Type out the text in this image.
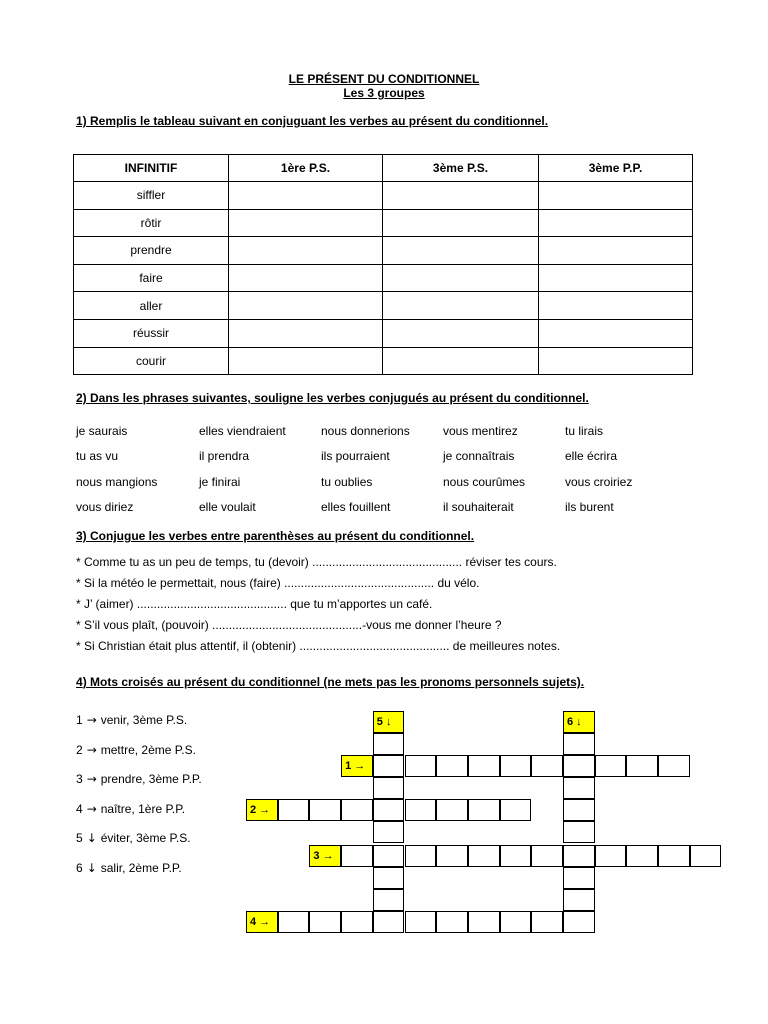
LE PRÉSENT DU CONDITIONNEL
Les 3 groupes
1) Remplis le tableau suivant en conjuguant les verbes au présent du conditionnel.
INFINITIF	1ère P.S.	3ème P.S.	3ème P.P.
siffler			
rôtir			
prendre			
faire			
aller			
réussir			
courir			
2) Dans les phrases suivantes, souligne les verbes conjugués au présent du conditionnel.
je saurais	elles viendraient	nous donnerions	vous mentirez	tu lirais
tu as vu	il prendra	ils pourraient	je connaîtrais	elle écrira
nous mangions	je finirai	tu oublies	nous courûmes	vous croiriez
vous diriez	elle voulait	elles fouillent	il souhaiterait	ils burent
3) Conjugue les verbes entre parenthèses au présent du conditionnel.
* Comme tu as un peu de temps, tu (devoir) ............................................. réviser tes cours.
* Si la météo le permettait, nous (faire) ............................................. du vélo.
* J’ (aimer) ............................................. que tu m’apportes un café.
* S’il vous plaît, (pouvoir) .............................................-vous me donner l’heure ?
* Si Christian était plus attentif, il (obtenir) ............................................. de meilleures notes.
4) Mots croisés au présent du conditionnel (ne mets pas les pronoms personnels sujets).
1 → venir, 3ème P.S.
2 → mettre, 2ème P.S.
3 → prendre, 3ème P.P.
4 → naître, 1ère P.P.
5 ↓ éviter, 3ème P.S.
6 ↓ salir, 2ème P.P.
5 ↓	6 ↓
1 →
2 →
3 →
4 →
